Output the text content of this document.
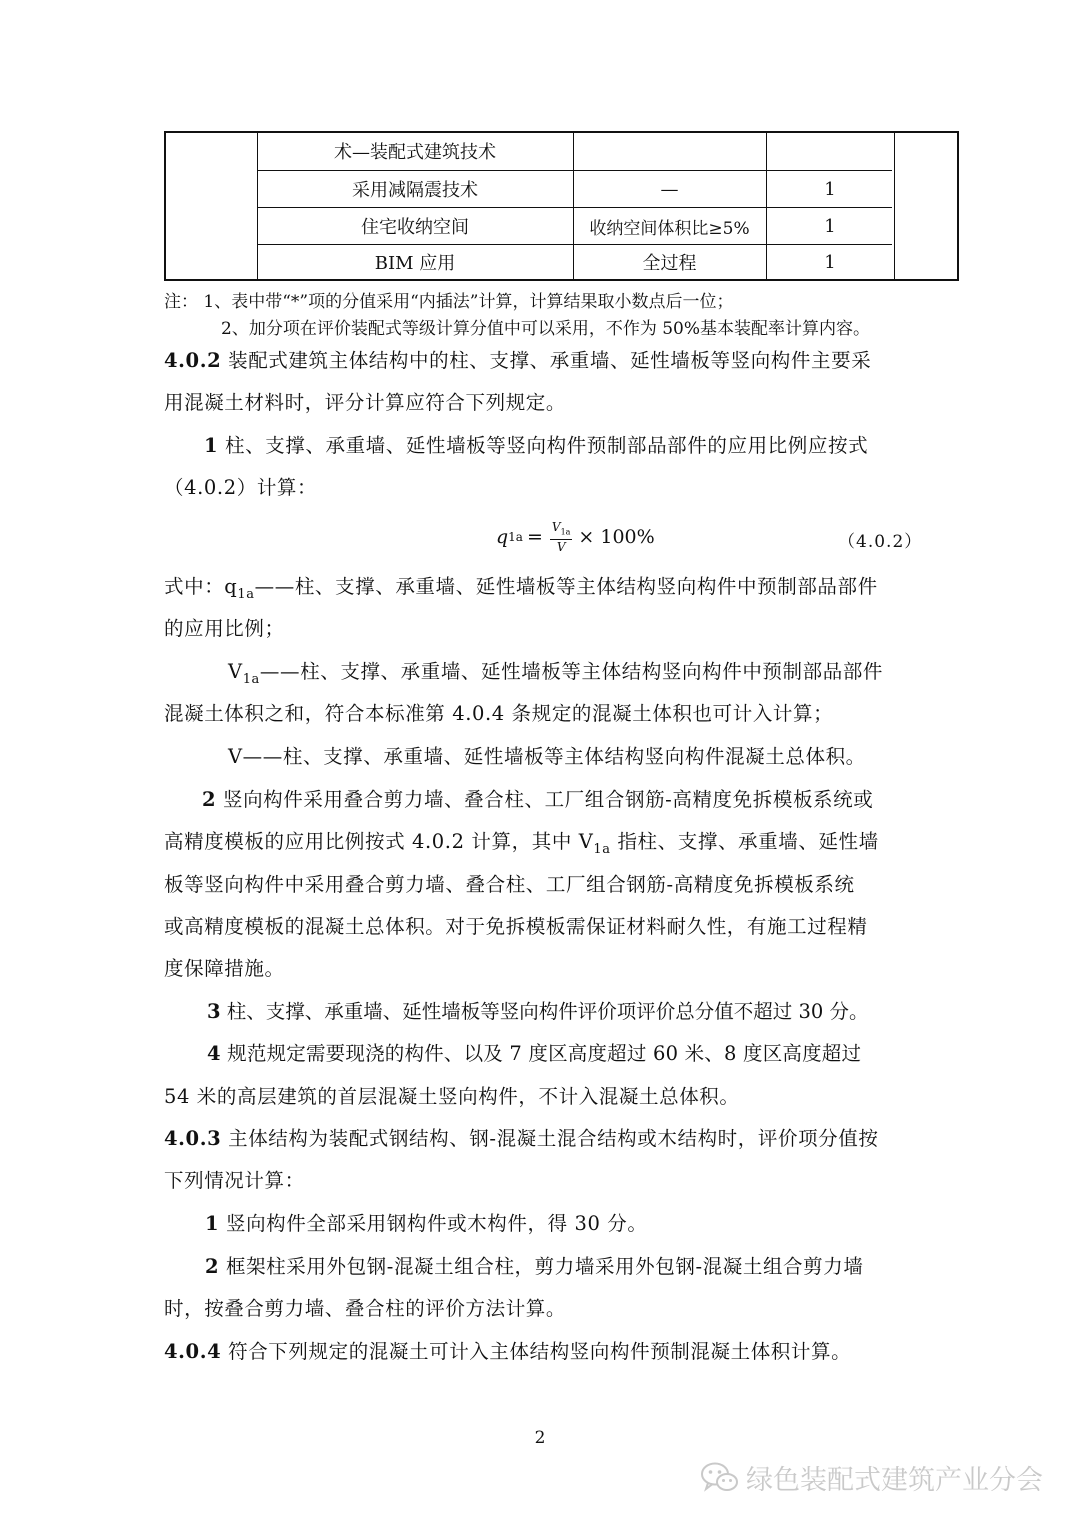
术—装配式建筑技术
采用减隔震技术	—	1
住宅收纳空间	收纳空间体积比≥5%	1
BIM 应用	全过程	1
注： 1、表中带“*”项的分值采用“内插法”计算，计算结果取小数点后一位；
2、加分项在评价装配式等级计算分值中可以采用，不作为 50%基本装配率计算内容。
4.0.2 装配式建筑主体结构中的柱、支撑、承重墙、延性墙板等竖向构件主要采
用混凝土材料时，评分计算应符合下列规定。
1 柱、支撑、承重墙、延性墙板等竖向构件预制部品部件的应用比例应按式
（4.0.2）计算：
q $1a = \frac{V_{1a}}{V} \times 100\%$	（4.0.2）
式中：$q_{1a}——$柱、支撑、承重墙、延性墙板等主体结构竖向构件中预制部品部件
的应用比例；
$V_{1a}——$柱、支撑、承重墙、延性墙板等主体结构竖向构件中预制部品部件
混凝土体积之和，符合本标准第 4.0.4 条规定的混凝土体积也可计入计算；
V——柱、支撑、承重墙、延性墙板等主体结构竖向构件混凝土总体积。
2 竖向构件采用叠合剪力墙、叠合柱、工厂组合钢筋-高精度免拆模板系统或
高精度模板的应用比例按式 4.0.2 计算，其中 $V_{1a}$ 指柱、支撑、承重墙、延性墙
板等竖向构件中采用叠合剪力墙、叠合柱、工厂组合钢筋-高精度免拆模板系统
或高精度模板的混凝土总体积。对于免拆模板需保证材料耐久性，有施工过程精
度保障措施。
3 柱、支撑、承重墙、延性墙板等竖向构件评价项评价总分值不超过 30 分。
4 规范规定需要现浇的构件、以及 7 度区高度超过 60 米、8 度区高度超过
54 米的高层建筑的首层混凝土竖向构件，不计入混凝土总体积。
4.0.3 主体结构为装配式钢结构、钢-混凝土混合结构或木结构时，评价项分值按
下列情况计算：
1 竖向构件全部采用钢构件或木构件，得 30 分。
2 框架柱采用外包钢-混凝土组合柱，剪力墙采用外包钢-混凝土组合剪力墙
时，按叠合剪力墙、叠合柱的评价方法计算。
4.0.4 符合下列规定的混凝土可计入主体结构竖向构件预制混凝土体积计算。
2
绿色装配式建筑产业分会
